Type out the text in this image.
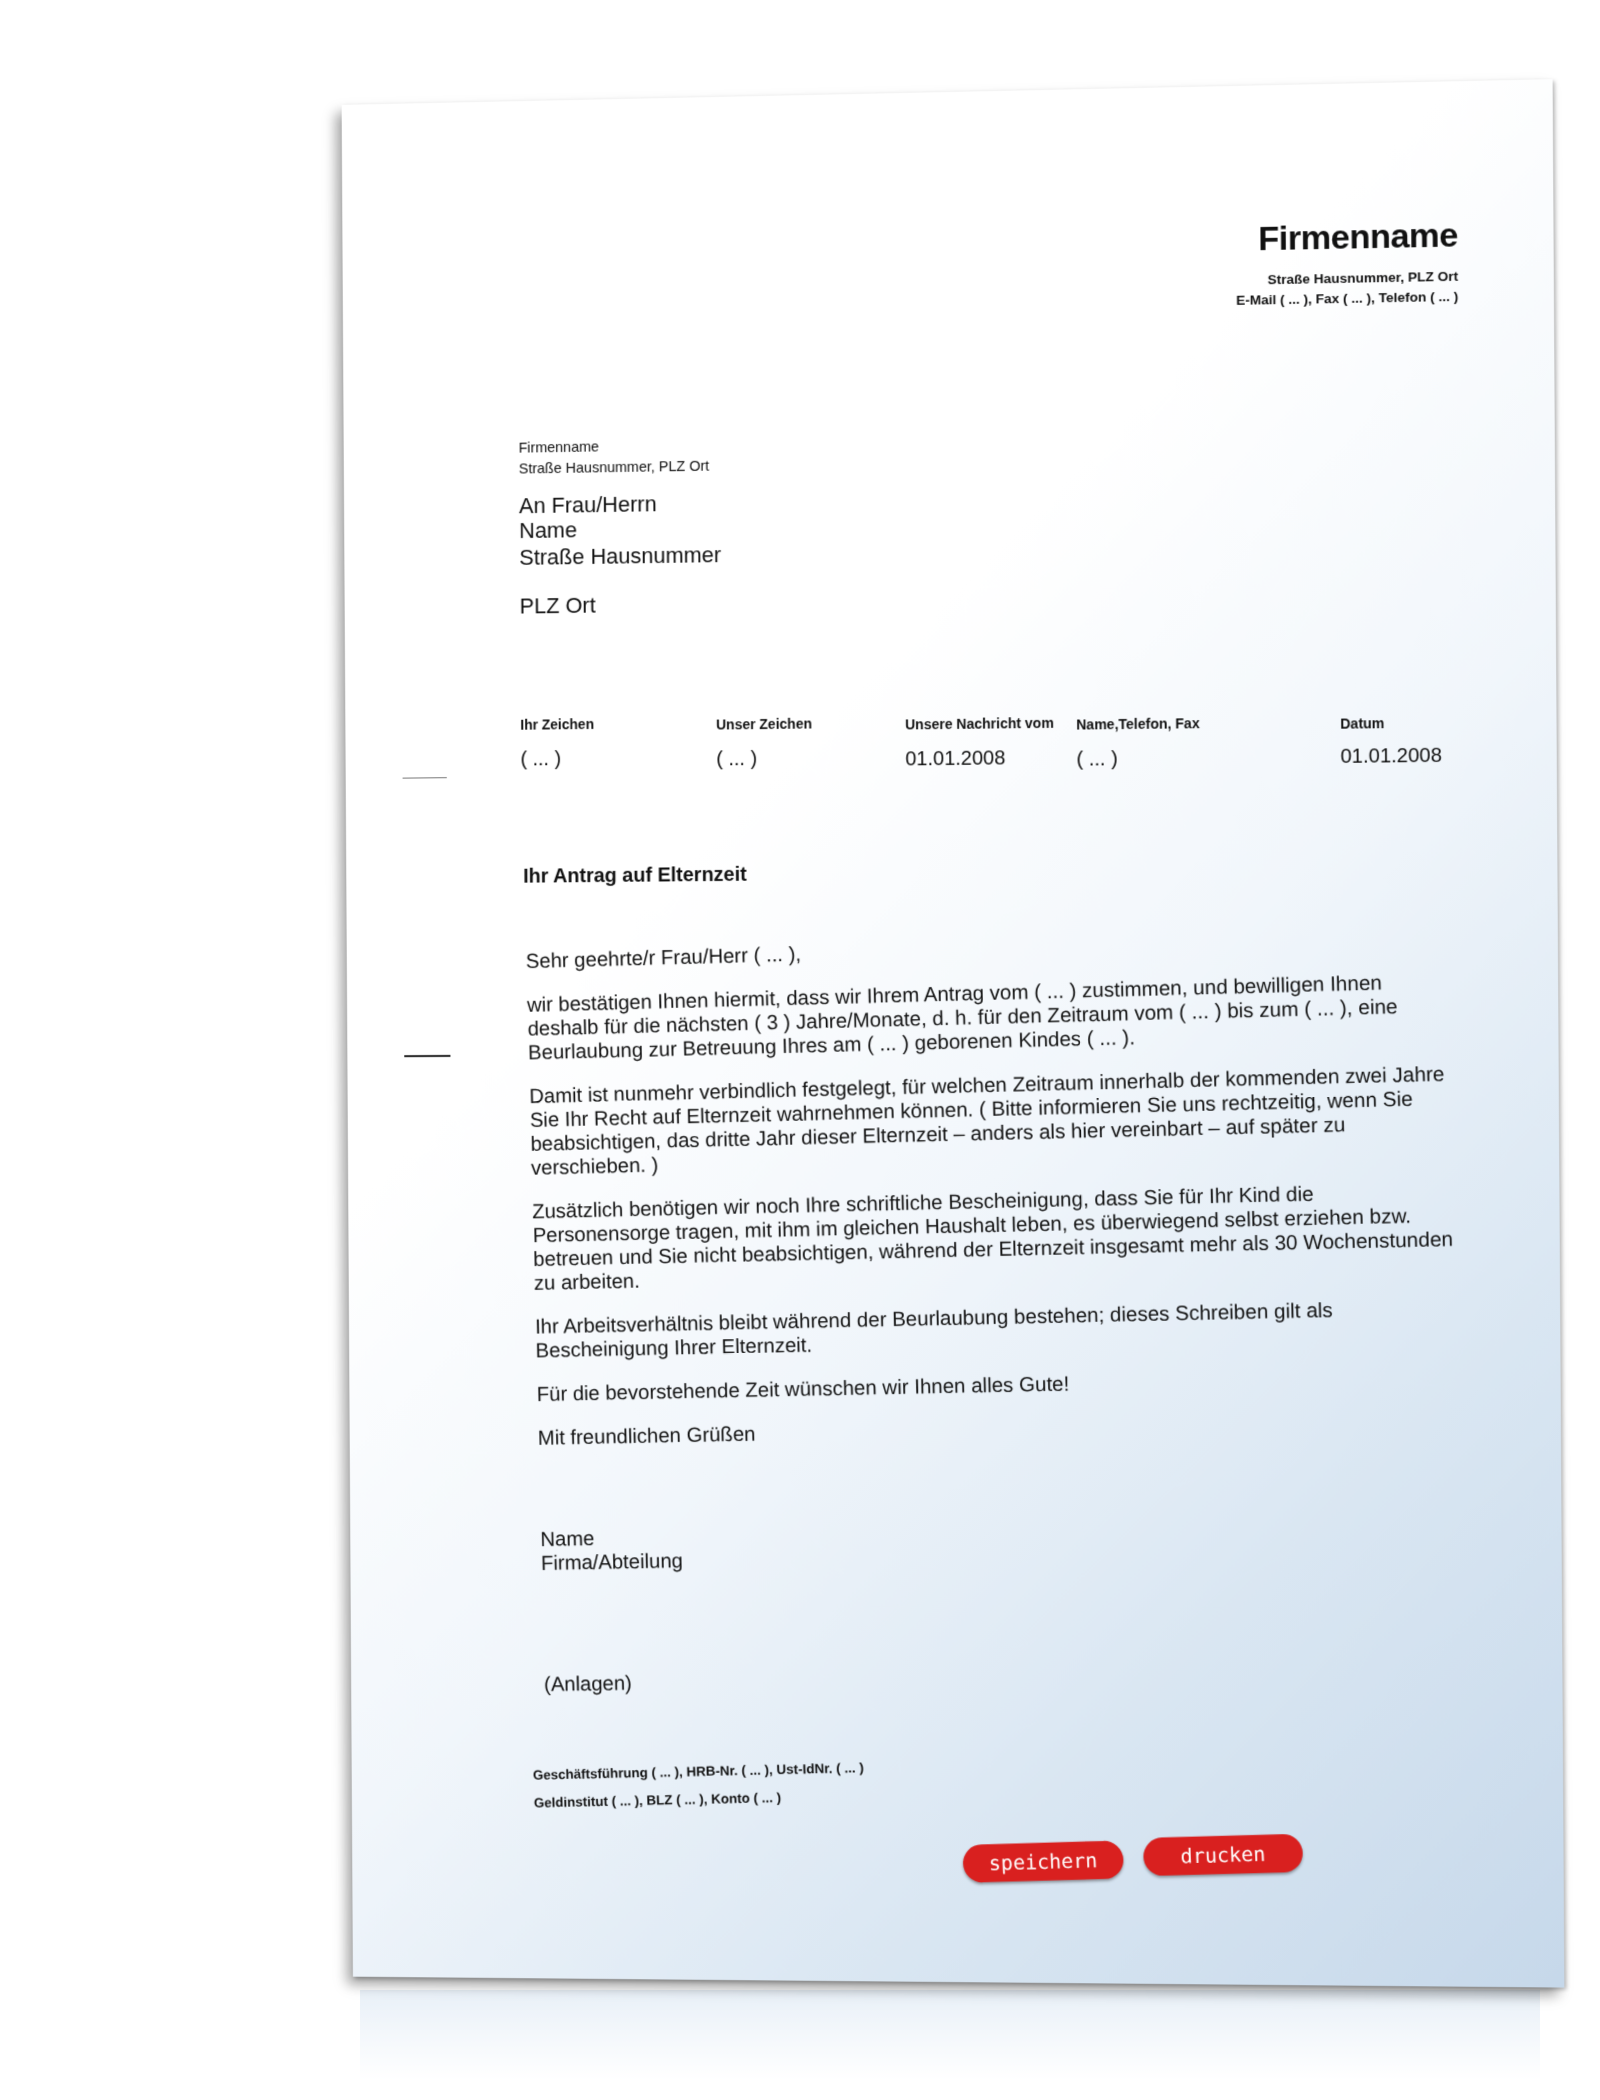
Firmenname
Straße Hausnummer, PLZ Ort
E-Mail ( ... ), Fax ( ... ), Telefon ( ... )
Firmenname
Straße Hausnummer, PLZ Ort
An Frau/Herrn
Name
Straße Hausnummer
PLZ Ort
Ihr Zeichen
( ... )
Unser Zeichen
( ... )
Unsere Nachricht vom
01.01.2008
Name,Telefon, Fax
( ... )
Datum
01.01.2008
Ihr Antrag auf Elternzeit

Sehr geehrte/r Frau/Herr ( ... ),

wir bestätigen Ihnen hiermit, dass wir Ihrem Antrag vom ( ... ) zustimmen, und bewilligen Ihnen deshalb für die nächsten ( 3 ) Jahre/Monate, d. h. für den Zeitraum vom ( ... ) bis zum ( ... ), eine Beurlaubung zur Betreuung Ihres am ( ... ) geborenen Kindes ( ... ).

Damit ist nunmehr verbindlich festgelegt, für welchen Zeitraum innerhalb der kommenden zwei Jahre Sie Ihr Recht auf Elternzeit wahrnehmen können. ( Bitte informieren Sie uns rechtzeitig, wenn Sie beabsichtigen, das dritte Jahr dieser Elternzeit – anders als hier vereinbart – auf später zu verschieben. )

Zusätzlich benötigen wir noch Ihre schriftliche Bescheinigung, dass Sie für Ihr Kind die Personensorge tragen, mit ihm im gleichen Haushalt leben, es überwiegend selbst erziehen bzw. betreuen und Sie nicht beabsichtigen, während der Elternzeit insgesamt mehr als 30 Wochenstunden zu arbeiten.

Ihr Arbeitsverhältnis bleibt während der Beurlaubung bestehen; dieses Schreiben gilt als Bescheinigung Ihrer Elternzeit.

Für die bevorstehende Zeit wünschen wir Ihnen alles Gute!

Mit freundlichen Grüßen

Name
Firma/Abteilung
(Anlagen)
Geschäftsführung ( ... ), HRB-Nr. ( ... ), Ust-IdNr. ( ... )
Geldinstitut ( ... ), BLZ ( ... ), Konto ( ... )
speichern	drucken
